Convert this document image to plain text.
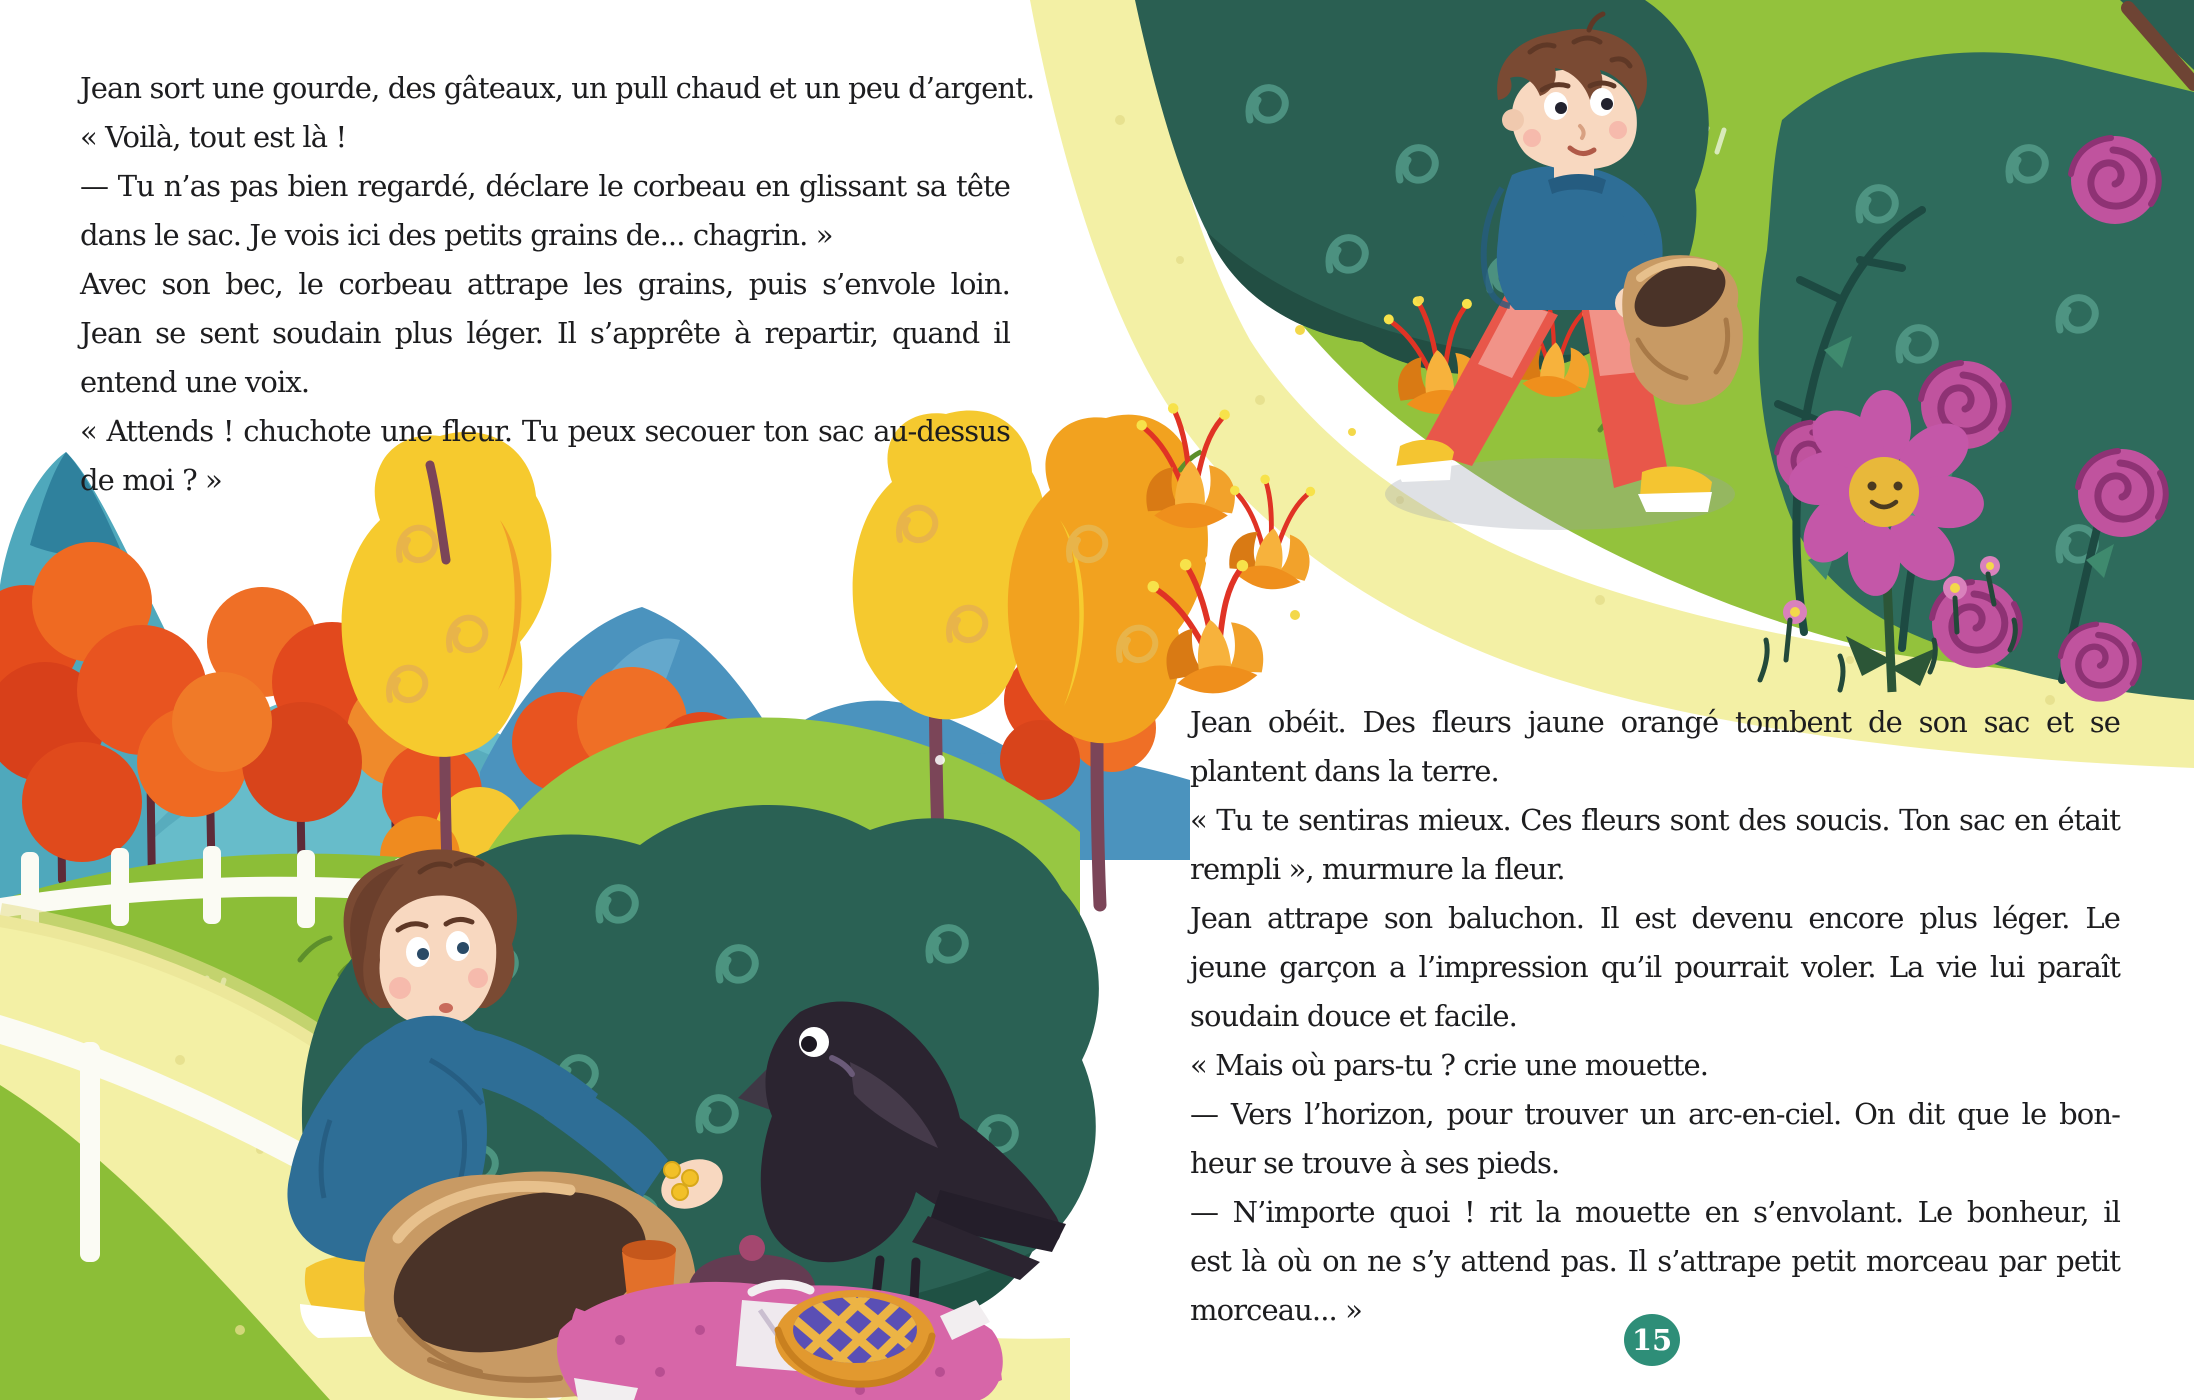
Jean sort une gourde, des gâteaux, un pull chaud et un peu d’argent.
« Voilà, tout est là !
— Tu n’as pas bien regardé, déclare le corbeau en glissant sa tête
dans le sac. Je vois ici des petits grains de... chagrin. »
Avec son bec, le corbeau attrape les grains, puis s’envole loin.
Jean se sent soudain plus léger. Il s’apprête à repartir, quand il
entend une voix.
« Attends ! chuchote une fleur. Tu peux secouer ton sac au-dessus
de moi ? »
Jean obéit. Des fleurs jaune orangé tombent de son sac et se
plantent dans la terre.
« Tu te sentiras mieux. Ces fleurs sont des soucis. Ton sac en était
rempli », murmure la fleur.
Jean attrape son baluchon. Il est devenu encore plus léger. Le
jeune garçon a l’impression qu’il pourrait voler. La vie lui paraît
soudain douce et facile.
« Mais où pars-tu ? crie une mouette.
— Vers l’horizon, pour trouver un arc-en-ciel. On dit que le bon-
heur se trouve à ses pieds.
— N’importe quoi ! rit la mouette en s’envolant. Le bonheur, il
est là où on ne s’y attend pas. Il s’attrape petit morceau par petit
morceau... »
15
